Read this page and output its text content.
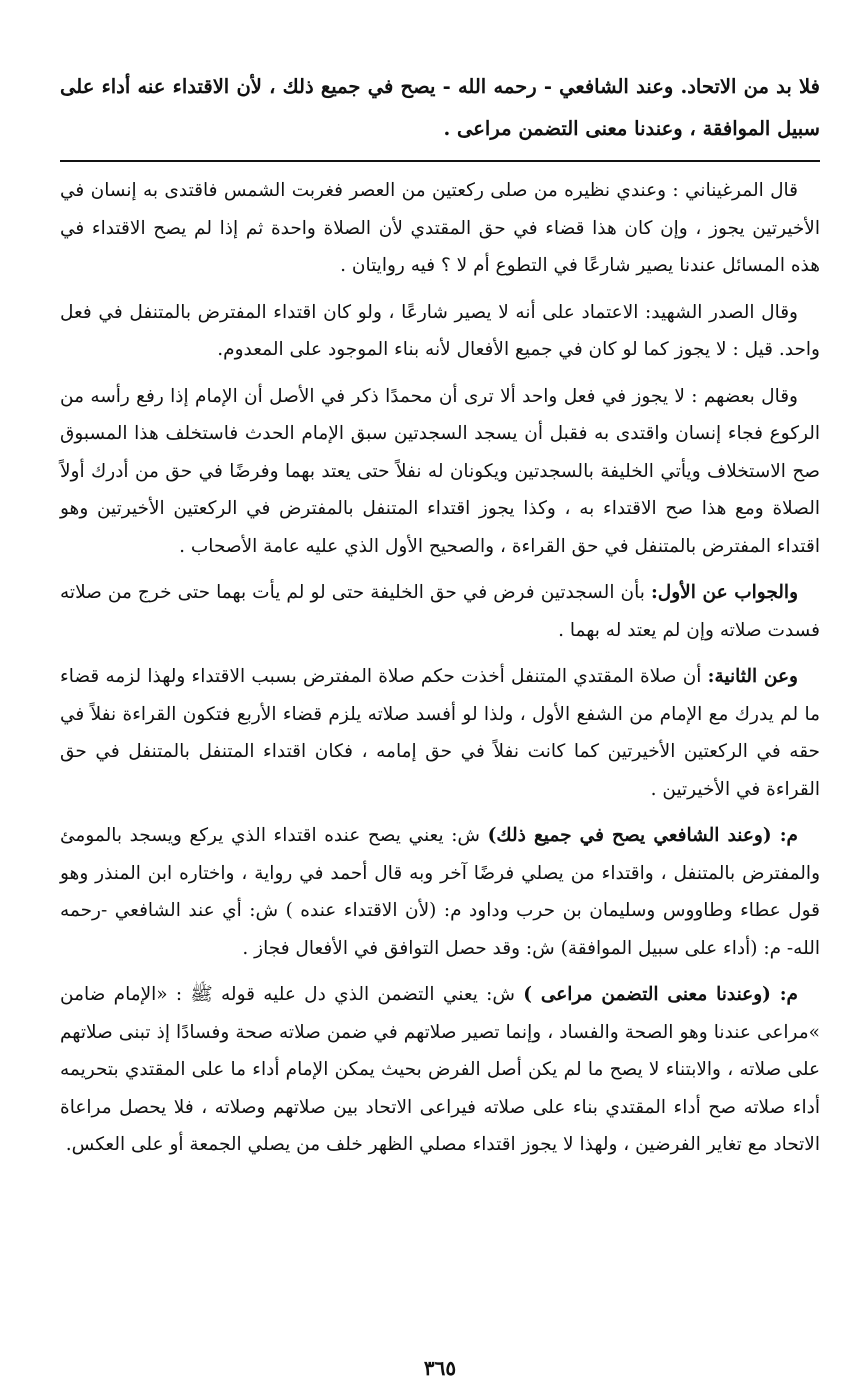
فلا بد من الاتحاد. وعند الشافعي - رحمه الله - يصح في جميع ذلك ، لأن الاقتداء عنه أداء على سبيل الموافقة ، وعندنا معنى التضمن مراعى .

قال المرغيناني : وعندي نظيره من صلى ركعتين من العصر فغربت الشمس فاقتدى به إنسان في الأخيرتين يجوز ، وإن كان هذا قضاء في حق المقتدي لأن الصلاة واحدة ثم إذا لم يصح الاقتداء في هذه المسائل عندنا يصير شارعًا في التطوع أم لا ؟ فيه روايتان .

وقال الصدر الشهيد: الاعتماد على أنه لا يصير شارعًا ، ولو كان اقتداء المفترض بالمتنفل في فعل واحد. قيل : لا يجوز كما لو كان في جميع الأفعال لأنه بناء الموجود على المعدوم.

وقال بعضهم : لا يجوز في فعل واحد ألا ترى أن محمدًا ذكر في الأصل أن الإمام إذا رفع رأسه من الركوع فجاء إنسان واقتدى به فقبل أن يسجد السجدتين سبق الإمام الحدث فاستخلف هذا المسبوق صح الاستخلاف ويأتي الخليفة بالسجدتين ويكونان له نفلاً حتى يعتد بهما وفرضًا في حق من أدرك أولاً الصلاة ومع هذا صح الاقتداء به ، وكذا يجوز اقتداء المتنفل بالمفترض في الركعتين الأخيرتين وهو اقتداء المفترض بالمتنفل في حق القراءة ، والصحيح الأول الذي عليه عامة الأصحاب .

والجواب عن الأول: بأن السجدتين فرض في حق الخليفة حتى لو لم يأت بهما حتى خرج من صلاته فسدت صلاته وإن لم يعتد له بهما .

وعن الثانية: أن صلاة المقتدي المتنفل أخذت حكم صلاة المفترض بسبب الاقتداء ولهذا لزمه قضاء ما لم يدرك مع الإمام من الشفع الأول ، ولذا لو أفسد صلاته يلزم قضاء الأربع فتكون القراءة نفلاً في حقه في الركعتين الأخيرتين كما كانت نفلاً في حق إمامه ، فكان اقتداء المتنفل بالمتنفل في حق القراءة في الأخيرتين .

م: (وعند الشافعي يصح في جميع ذلك) ش: يعني يصح عنده اقتداء الذي يركع ويسجد بالمومئ والمفترض بالمتنفل ، واقتداء من يصلي فرضًا آخر وبه قال أحمد في رواية ، واختاره ابن المنذر وهو قول عطاء وطاووس وسليمان بن حرب وداود م: (لأن الاقتداء عنده ) ش: أي عند الشافعي -رحمه الله- م: (أداء على سبيل الموافقة) ش: وقد حصل التوافق في الأفعال فجاز .

م: (وعندنا معنى التضمن مراعى ) ش: يعني التضمن الذي دل عليه قوله ﷺ : «الإمام ضامن »مراعى عندنا وهو الصحة والفساد ، وإنما تصير صلاتهم في ضمن صلاته صحة وفسادًا إذ تبنى صلاتهم على صلاته ، والابتناء لا يصح ما لم يكن أصل الفرض بحيث يمكن الإمام أداء ما على المقتدي بتحريمه أداء صلاته صح أداء المقتدي بناء على صلاته فيراعى الاتحاد بين صلاتهم وصلاته ، فلا يحصل مراعاة الاتحاد مع تغاير الفرضين ، ولهذا لا يجوز اقتداء مصلي الظهر خلف من يصلي الجمعة أو على العكس.

٣٦٥
